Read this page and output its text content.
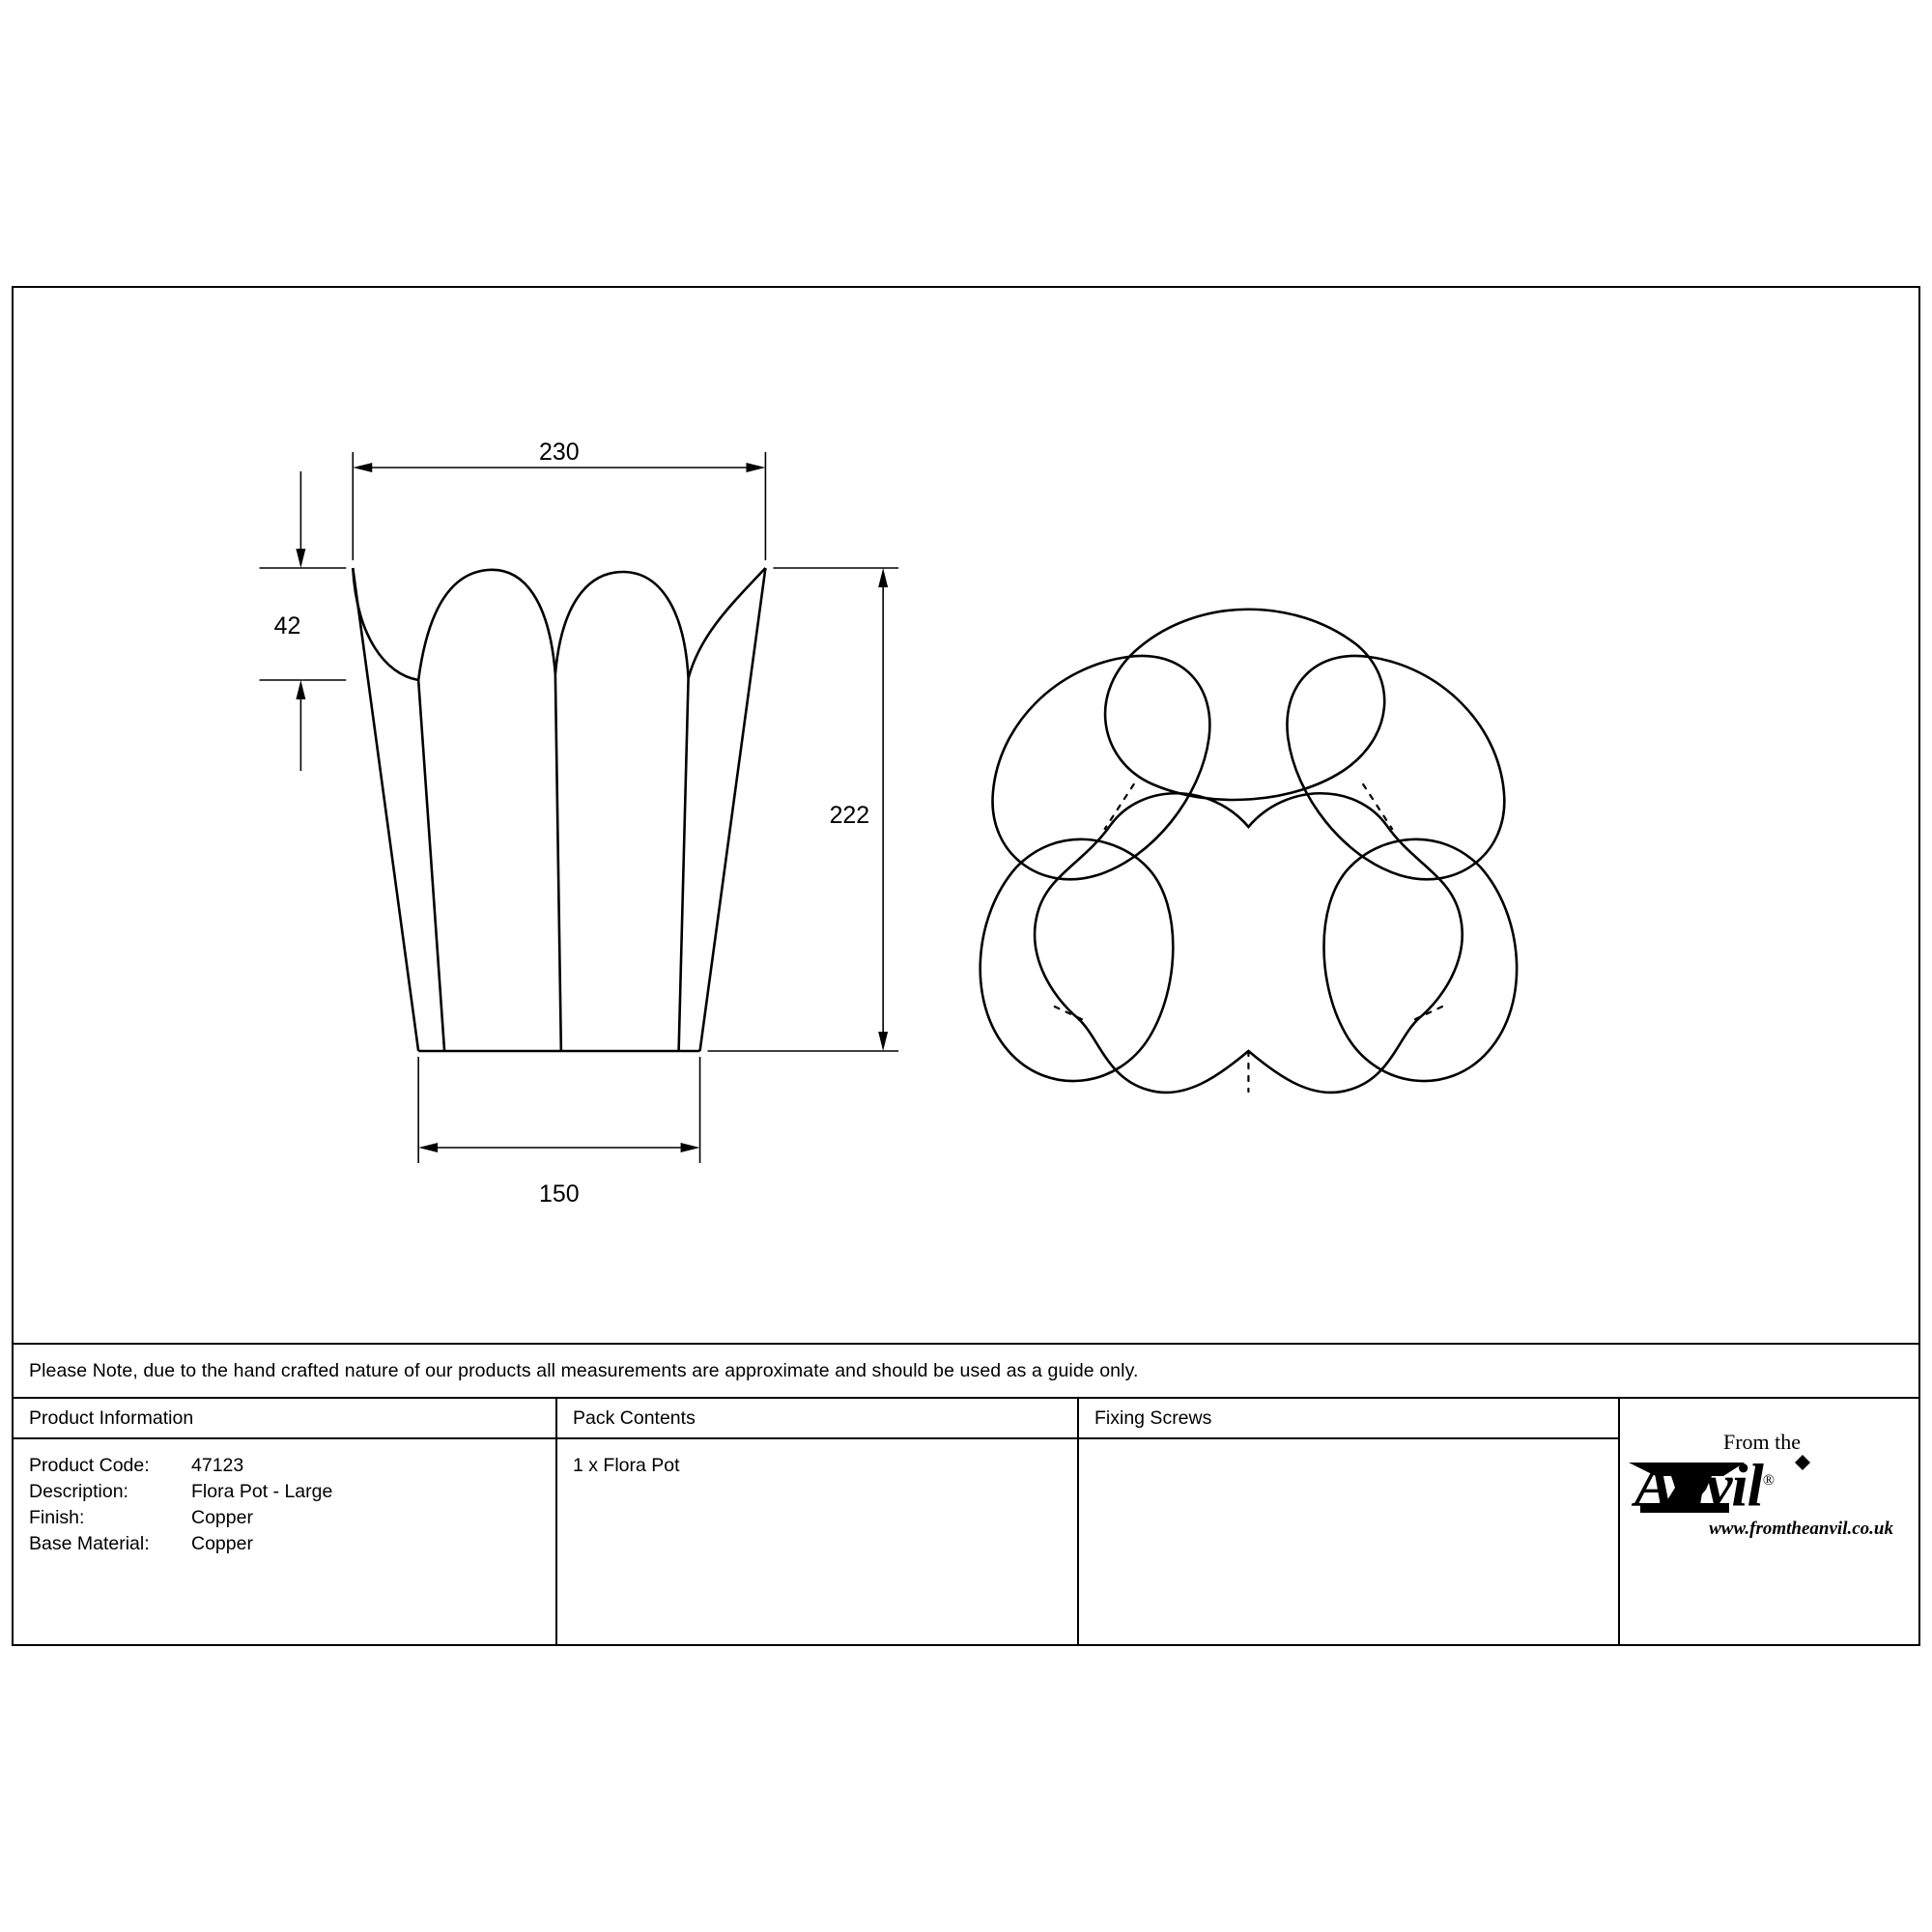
230
42
222
150
Please Note, due to the hand crafted nature of our products all measurements are approximate and should be used as a guide only.
Product Information
Product Code:	47123
Description:	Flora Pot - Large
Finish:	Copper
Base Material:	Copper
Pack Contents
1 x Flora Pot
Fixing Screws
From the
Anvil®
www.fromtheanvil.co.uk
